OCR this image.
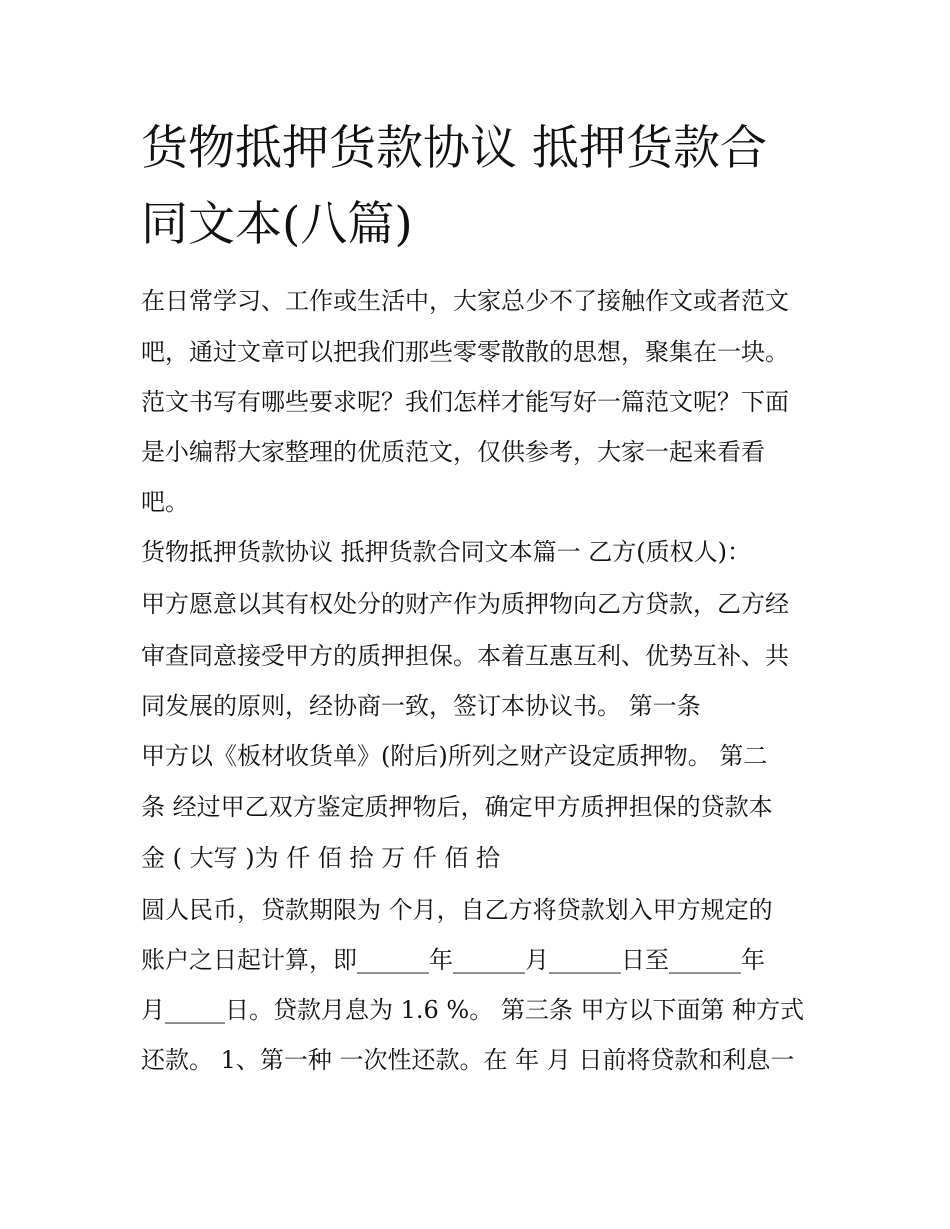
货物抵押货款协议 抵押货款合
同文本(八篇)
在日常学习、工作或生活中，大家总少不了接触作文或者范文
吧，通过文章可以把我们那些零零散散的思想，聚集在一块。
范文书写有哪些要求呢？我们怎样才能写好一篇范文呢？下面
是小编帮大家整理的优质范文，仅供参考，大家一起来看看
吧。
货物抵押货款协议 抵押货款合同文本篇一 乙方(质权人)：
甲方愿意以其有权处分的财产作为质押物向乙方贷款，乙方经
审查同意接受甲方的质押担保。本着互惠互利、优势互补、共
同发展的原则，经协商一致，签订本协议书。 第一条
甲方以《板材收货单》(附后)所列之财产设定质押物。 第二
条 经过甲乙双方鉴定质押物后，确定甲方质押担保的贷款本
金 ( 大写 )为 仟 佰 拾 万 仟 佰 拾
圆人民币，贷款期限为 个月，自乙方将贷款划入甲方规定的
账户之日起计算，即______年______月______日至______年
月_____日。贷款月息为 1.6 %。 第三条 甲方以下面第 种方式
还款。 1、第一种 一次性还款。在 年 月 日前将贷款和利息一
